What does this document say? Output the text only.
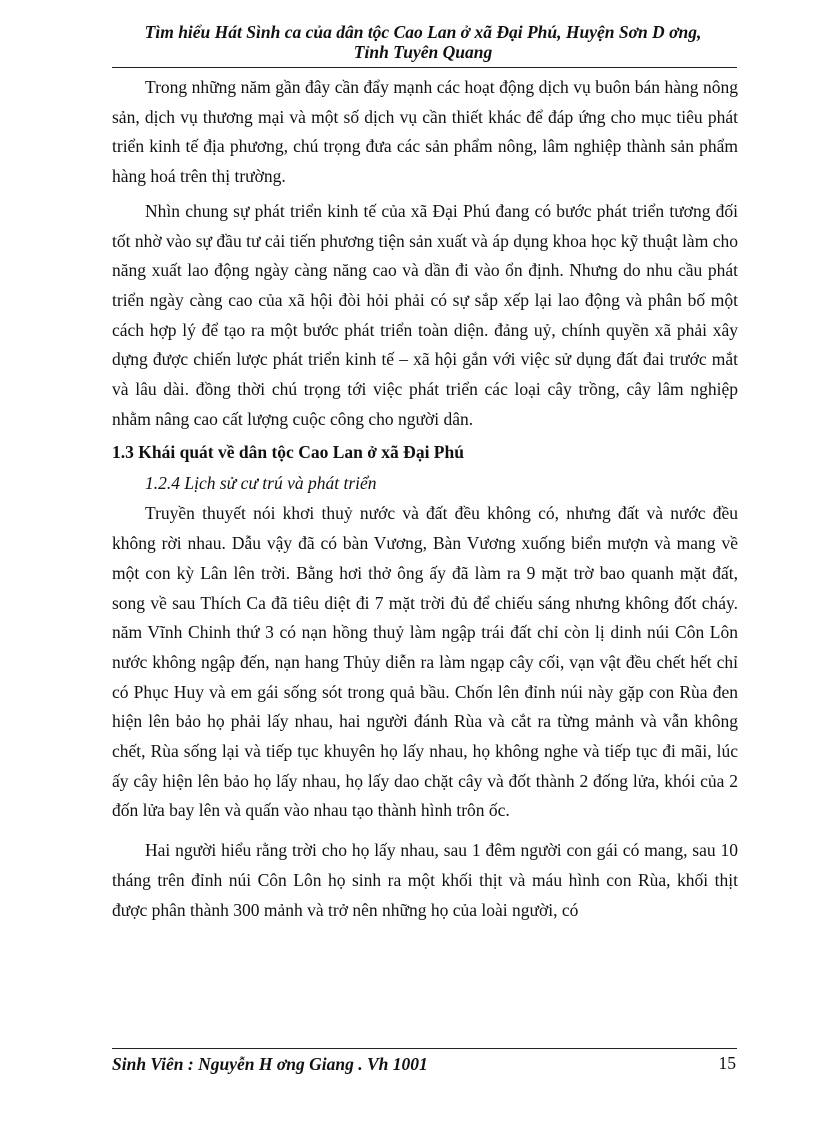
Tìm hiểu Hát Sình ca của dân tộc Cao Lan ở xã Đại Phú, Huyện Sơn D ơng,
Tỉnh Tuyên Quang

Trong những năm gần đây cần đẩy mạnh các hoạt động dịch vụ buôn bán hàng nông sản, dịch vụ thương mại và một số dịch vụ cần thiết khác để đáp ứng cho mục tiêu phát triển kinh tế địa phương, chú trọng đưa các sản phẩm nông, lâm nghiệp thành sản phẩm hàng hoá trên thị trường.

Nhìn chung sự phát triển kinh tế của xã Đại Phú đang có bước phát triển tương đối tốt nhờ vào sự đầu tư cải tiến phương tiện sản xuất và áp dụng khoa học kỹ thuật làm cho năng xuất lao động ngày càng năng cao và dần đi vào ổn định. Nhưng do nhu cầu phát triển ngày càng cao của xã hội đòi hỏi phải có sự sắp xếp lại lao động và phân bố một cách hợp lý để tạo ra một bước phát triển toàn diện. đảng uỷ, chính quyền xã phải xây dựng được chiến lược phát triển kinh tế – xã hội gắn với việc sử dụng đất đai trước mắt và lâu dài. đồng thời chú trọng tới việc phát triển các loại cây trồng, cây lâm nghiệp nhằm nâng cao cất lượng cuộc công cho người dân.

1.3 Khái quát về dân tộc Cao Lan ở xã Đại Phú

1.2.4 Lịch sử cư trú và phát triển

Truyền thuyết nói khơi thuỷ nước và đất đều không có, nhưng đất và nước đều không rời nhau. Dẫu vậy đã có bàn Vương, Bàn Vương xuống biển mượn và mang về một con kỳ Lân lên trời. Bằng hơi thở ông ấy đã làm ra 9 mặt trờ bao quanh mặt đất, song về sau Thích Ca đã tiêu diệt đi 7 mặt trời đủ để chiếu sáng nhưng không đốt cháy. năm Vĩnh Chinh thứ 3 có nạn hồng thuỷ làm ngập trái đất chỉ còn lị dinh núi Côn Lôn nước không ngập đến, nạn hang Thủy diễn ra làm ngạp cây cối, vạn vật đều chết hết chỉ có Phục Huy và em gái sống sót trong quả bầu. Chốn lên đỉnh núi này gặp con Rùa đen hiện lên bảo họ phải lấy nhau, hai người đánh Rùa và cắt ra từng mảnh và vẫn không chết, Rùa sống lại và tiếp tục khuyên họ lấy nhau, họ không nghe và tiếp tục đi mãi, lúc ấy cây hiện lên bảo họ lấy nhau, họ lấy dao chặt cây và đốt thành 2 đống lửa, khói của 2 đốn lửa bay lên và quấn vào nhau tạo thành hình trôn ốc.

Hai người hiểu rằng trời cho họ lấy nhau, sau 1 đêm người con gái có mang, sau 10 tháng trên đỉnh núi Côn Lôn họ sinh ra một khối thịt và máu hình con Rùa, khối thịt được phân thành 300 mảnh và trở nên những họ của loài người, có

Sinh Viên : Nguyễn H ơng Giang . Vh 1001	15
